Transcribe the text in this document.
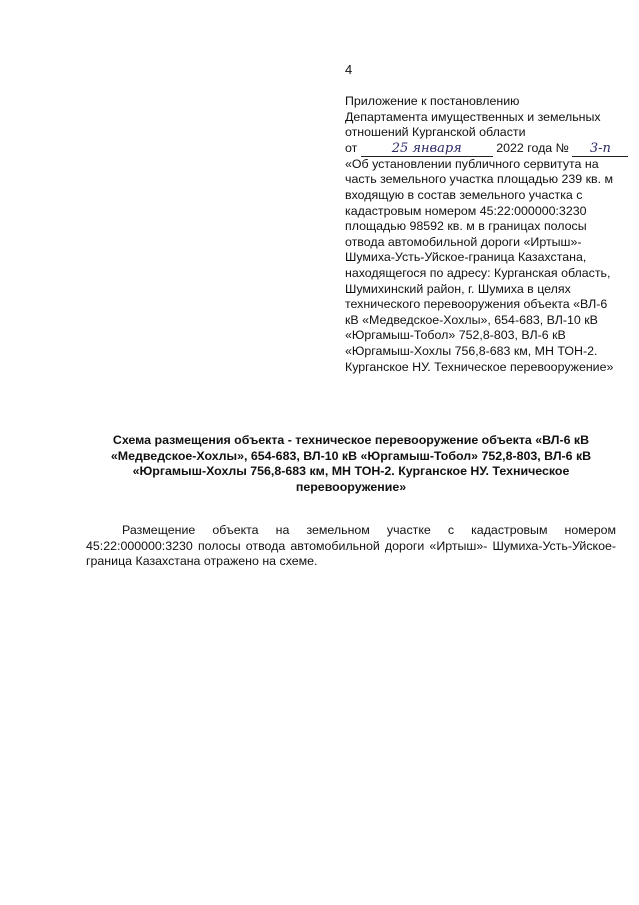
4
Приложение к постановлению
Департамента имущественных и земельных
отношений Курганской области
от	25 января	2022 года № 3-п
«Об установлении публичного сервитута на часть земельного участка площадью 239 кв. м входящую в состав земельного участка с кадастровым номером 45:22:000000:3230 площадью 98592 кв. м в границах полосы отвода автомобильной дороги «Иртыш»-Шумиха-Усть-Уйское-граница Казахстана, находящегося по адресу: Курганская область, Шумихинский район, г. Шумиха в целях технического перевооружения объекта «ВЛ-6 кВ «Медведское-Хохлы», 654-683, ВЛ-10 кВ «Юргамыш-Тобол» 752,8-803, ВЛ-6 кВ «Юргамыш-Хохлы 756,8-683 км, МН ТОН-2. Курганское НУ. Техническое перевооружение»
Схема размещения объекта - техническое перевооружение объекта «ВЛ-6 кВ «Медведское-Хохлы», 654-683, ВЛ-10 кВ «Юргамыш-Тобол» 752,8-803, ВЛ-6 кВ «Юргамыш-Хохлы 756,8-683 км, МН ТОН-2. Курганское НУ. Техническое перевооружение»
Размещение объекта на земельном участке с кадастровым номером 45:22:000000:3230 полосы отвода автомобильной дороги «Иртыш»- Шумиха-Усть-Уйское-граница Казахстана отражено на схеме.
